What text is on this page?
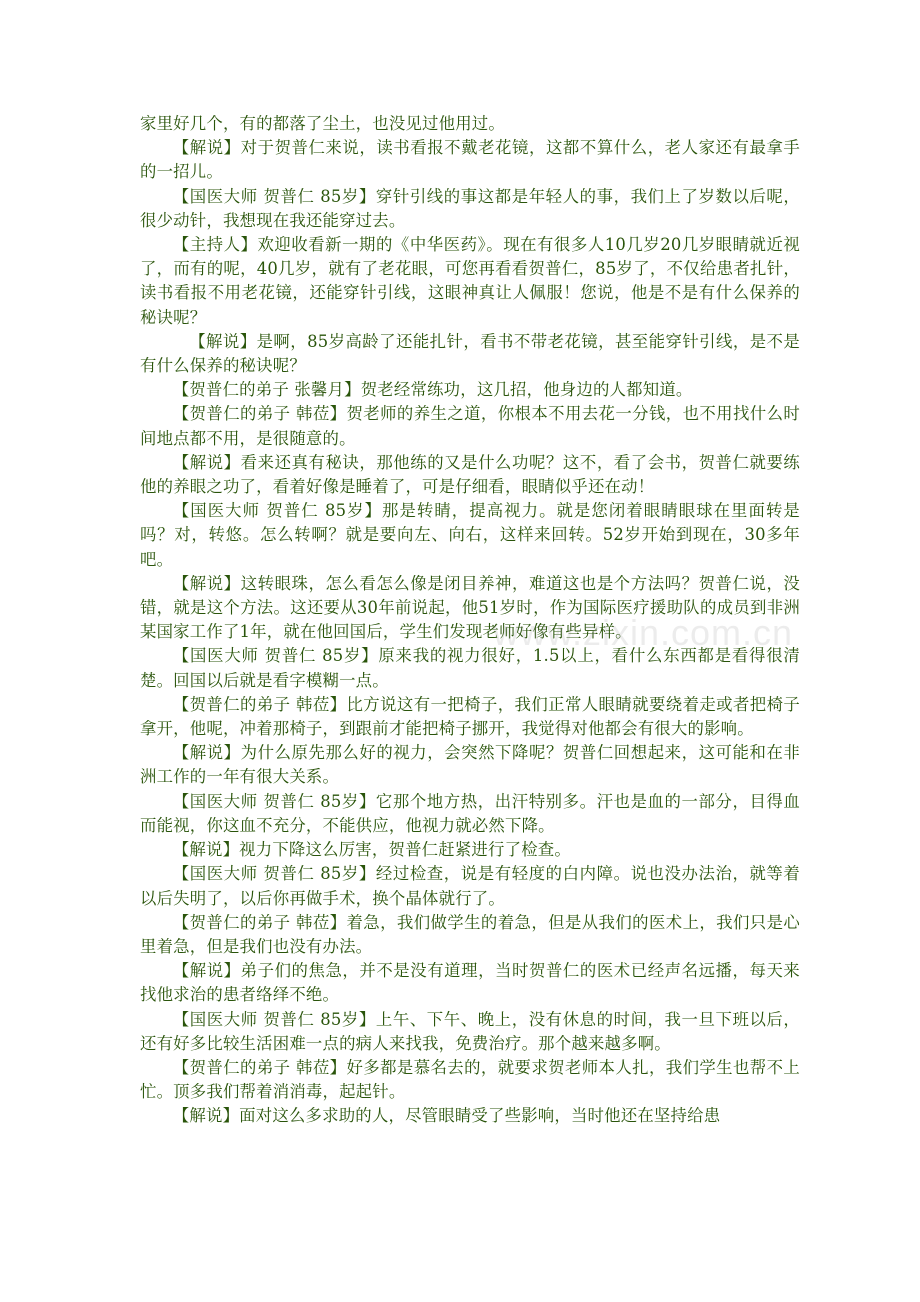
家里好几个，有的都落了尘土，也没见过他用过。

【解说】对于贺普仁来说，读书看报不戴老花镜，这都不算什么，老人家还有最拿手的一招儿。

【国医大师 贺普仁 85岁】穿针引线的事这都是年轻人的事，我们上了岁数以后呢，很少动针，我想现在我还能穿过去。

【主持人】欢迎收看新一期的《中华医药》。现在有很多人10几岁20几岁眼睛就近视了，而有的呢，40几岁，就有了老花眼，可您再看看贺普仁，85岁了，不仅给患者扎针，读书看报不用老花镜，还能穿针引线，这眼神真让人佩服！您说，他是不是有什么保养的秘诀呢？

【解说】是啊，85岁高龄了还能扎针，看书不带老花镜，甚至能穿针引线，是不是有什么保养的秘诀呢？

【贺普仁的弟子 张馨月】贺老经常练功，这几招，他身边的人都知道。

【贺普仁的弟子 韩莅】贺老师的养生之道，你根本不用去花一分钱，也不用找什么时间地点都不用，是很随意的。

【解说】看来还真有秘诀，那他练的又是什么功呢？这不，看了会书，贺普仁就要练他的养眼之功了，看着好像是睡着了，可是仔细看，眼睛似乎还在动！

【国医大师 贺普仁 85岁】那是转睛，提高视力。就是您闭着眼睛眼球在里面转是吗？对，转悠。怎么转啊？就是要向左、向右，这样来回转。52岁开始到现在，30多年吧。

【解说】这转眼珠，怎么看怎么像是闭目养神，难道这也是个方法吗？贺普仁说，没错，就是这个方法。这还要从30年前说起，他51岁时，作为国际医疗援助队的成员到非洲某国家工作了1年，就在他回国后，学生们发现老师好像有些异样。

【国医大师 贺普仁 85岁】原来我的视力很好，1.5以上，看什么东西都是看得很清楚。回国以后就是看字模糊一点。

【贺普仁的弟子 韩莅】比方说这有一把椅子，我们正常人眼睛就要绕着走或者把椅子拿开，他呢，冲着那椅子，到跟前才能把椅子挪开，我觉得对他都会有很大的影响。

【解说】为什么原先那么好的视力，会突然下降呢？贺普仁回想起来，这可能和在非洲工作的一年有很大关系。

【国医大师 贺普仁 85岁】它那个地方热，出汗特别多。汗也是血的一部分，目得血而能视，你这血不充分，不能供应，他视力就必然下降。

【解说】视力下降这么厉害，贺普仁赶紧进行了检查。

【国医大师 贺普仁 85岁】经过检查，说是有轻度的白内障。说也没办法治，就等着以后失明了，以后你再做手术，换个晶体就行了。

【贺普仁的弟子 韩莅】着急，我们做学生的着急，但是从我们的医术上，我们只是心里着急，但是我们也没有办法。

【解说】弟子们的焦急，并不是没有道理，当时贺普仁的医术已经声名远播，每天来找他求治的患者络绎不绝。

【国医大师 贺普仁 85岁】上午、下午、晚上，没有休息的时间，我一旦下班以后，还有好多比较生活困难一点的病人来找我，免费治疗。那个越来越多啊。

【贺普仁的弟子 韩莅】好多都是慕名去的，就要求贺老师本人扎，我们学生也帮不上忙。顶多我们帮着消消毒，起起针。

【解说】面对这么多求助的人，尽管眼睛受了些影响，当时他还在坚持给患

www.zixin.com.cn
